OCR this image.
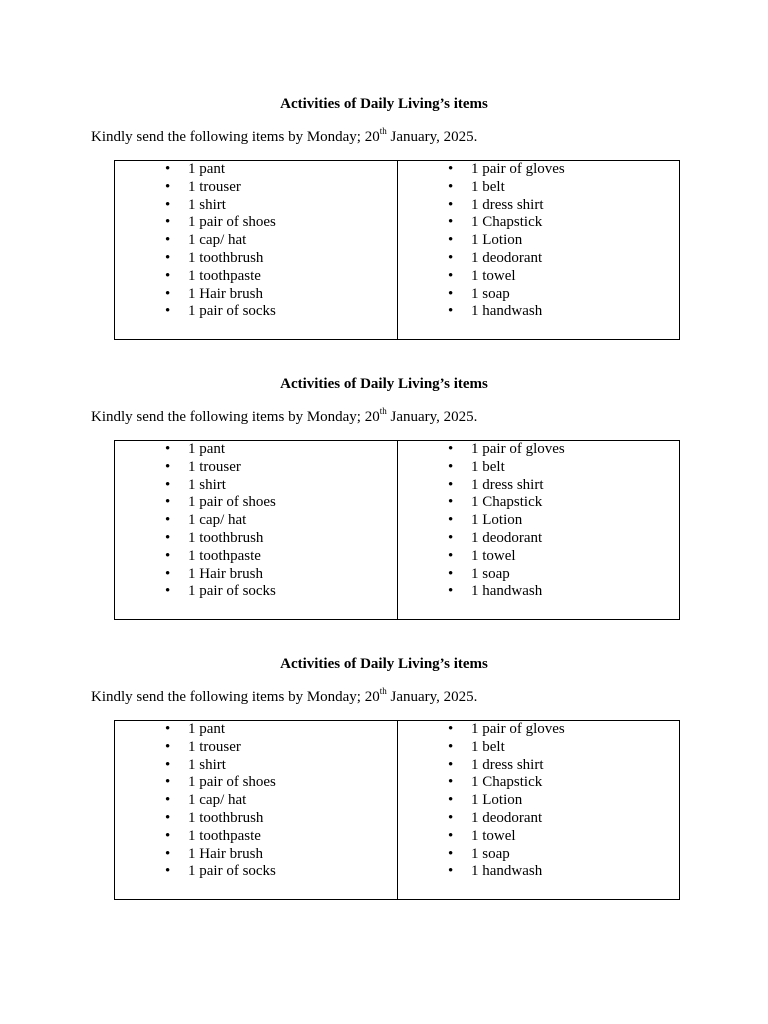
Activities of Daily Living’s items
Kindly send the following items by Monday; 20th January, 2025.
• 1 pant
• 1 trouser
• 1 shirt
• 1 pair of shoes
• 1 cap/ hat
• 1 toothbrush
• 1 toothpaste
• 1 Hair brush
• 1 pair of socks

• 1 pair of gloves
• 1 belt
• 1 dress shirt
• 1 Chapstick
• 1 Lotion
• 1 deodorant
• 1 towel
• 1 soap
• 1 handwash
Activities of Daily Living’s items
Kindly send the following items by Monday; 20th January, 2025.
• 1 pant
• 1 trouser
• 1 shirt
• 1 pair of shoes
• 1 cap/ hat
• 1 toothbrush
• 1 toothpaste
• 1 Hair brush
• 1 pair of socks

• 1 pair of gloves
• 1 belt
• 1 dress shirt
• 1 Chapstick
• 1 Lotion
• 1 deodorant
• 1 towel
• 1 soap
• 1 handwash
Activities of Daily Living’s items
Kindly send the following items by Monday; 20th January, 2025.
• 1 pant
• 1 trouser
• 1 shirt
• 1 pair of shoes
• 1 cap/ hat
• 1 toothbrush
• 1 toothpaste
• 1 Hair brush
• 1 pair of socks

• 1 pair of gloves
• 1 belt
• 1 dress shirt
• 1 Chapstick
• 1 Lotion
• 1 deodorant
• 1 towel
• 1 soap
• 1 handwash
